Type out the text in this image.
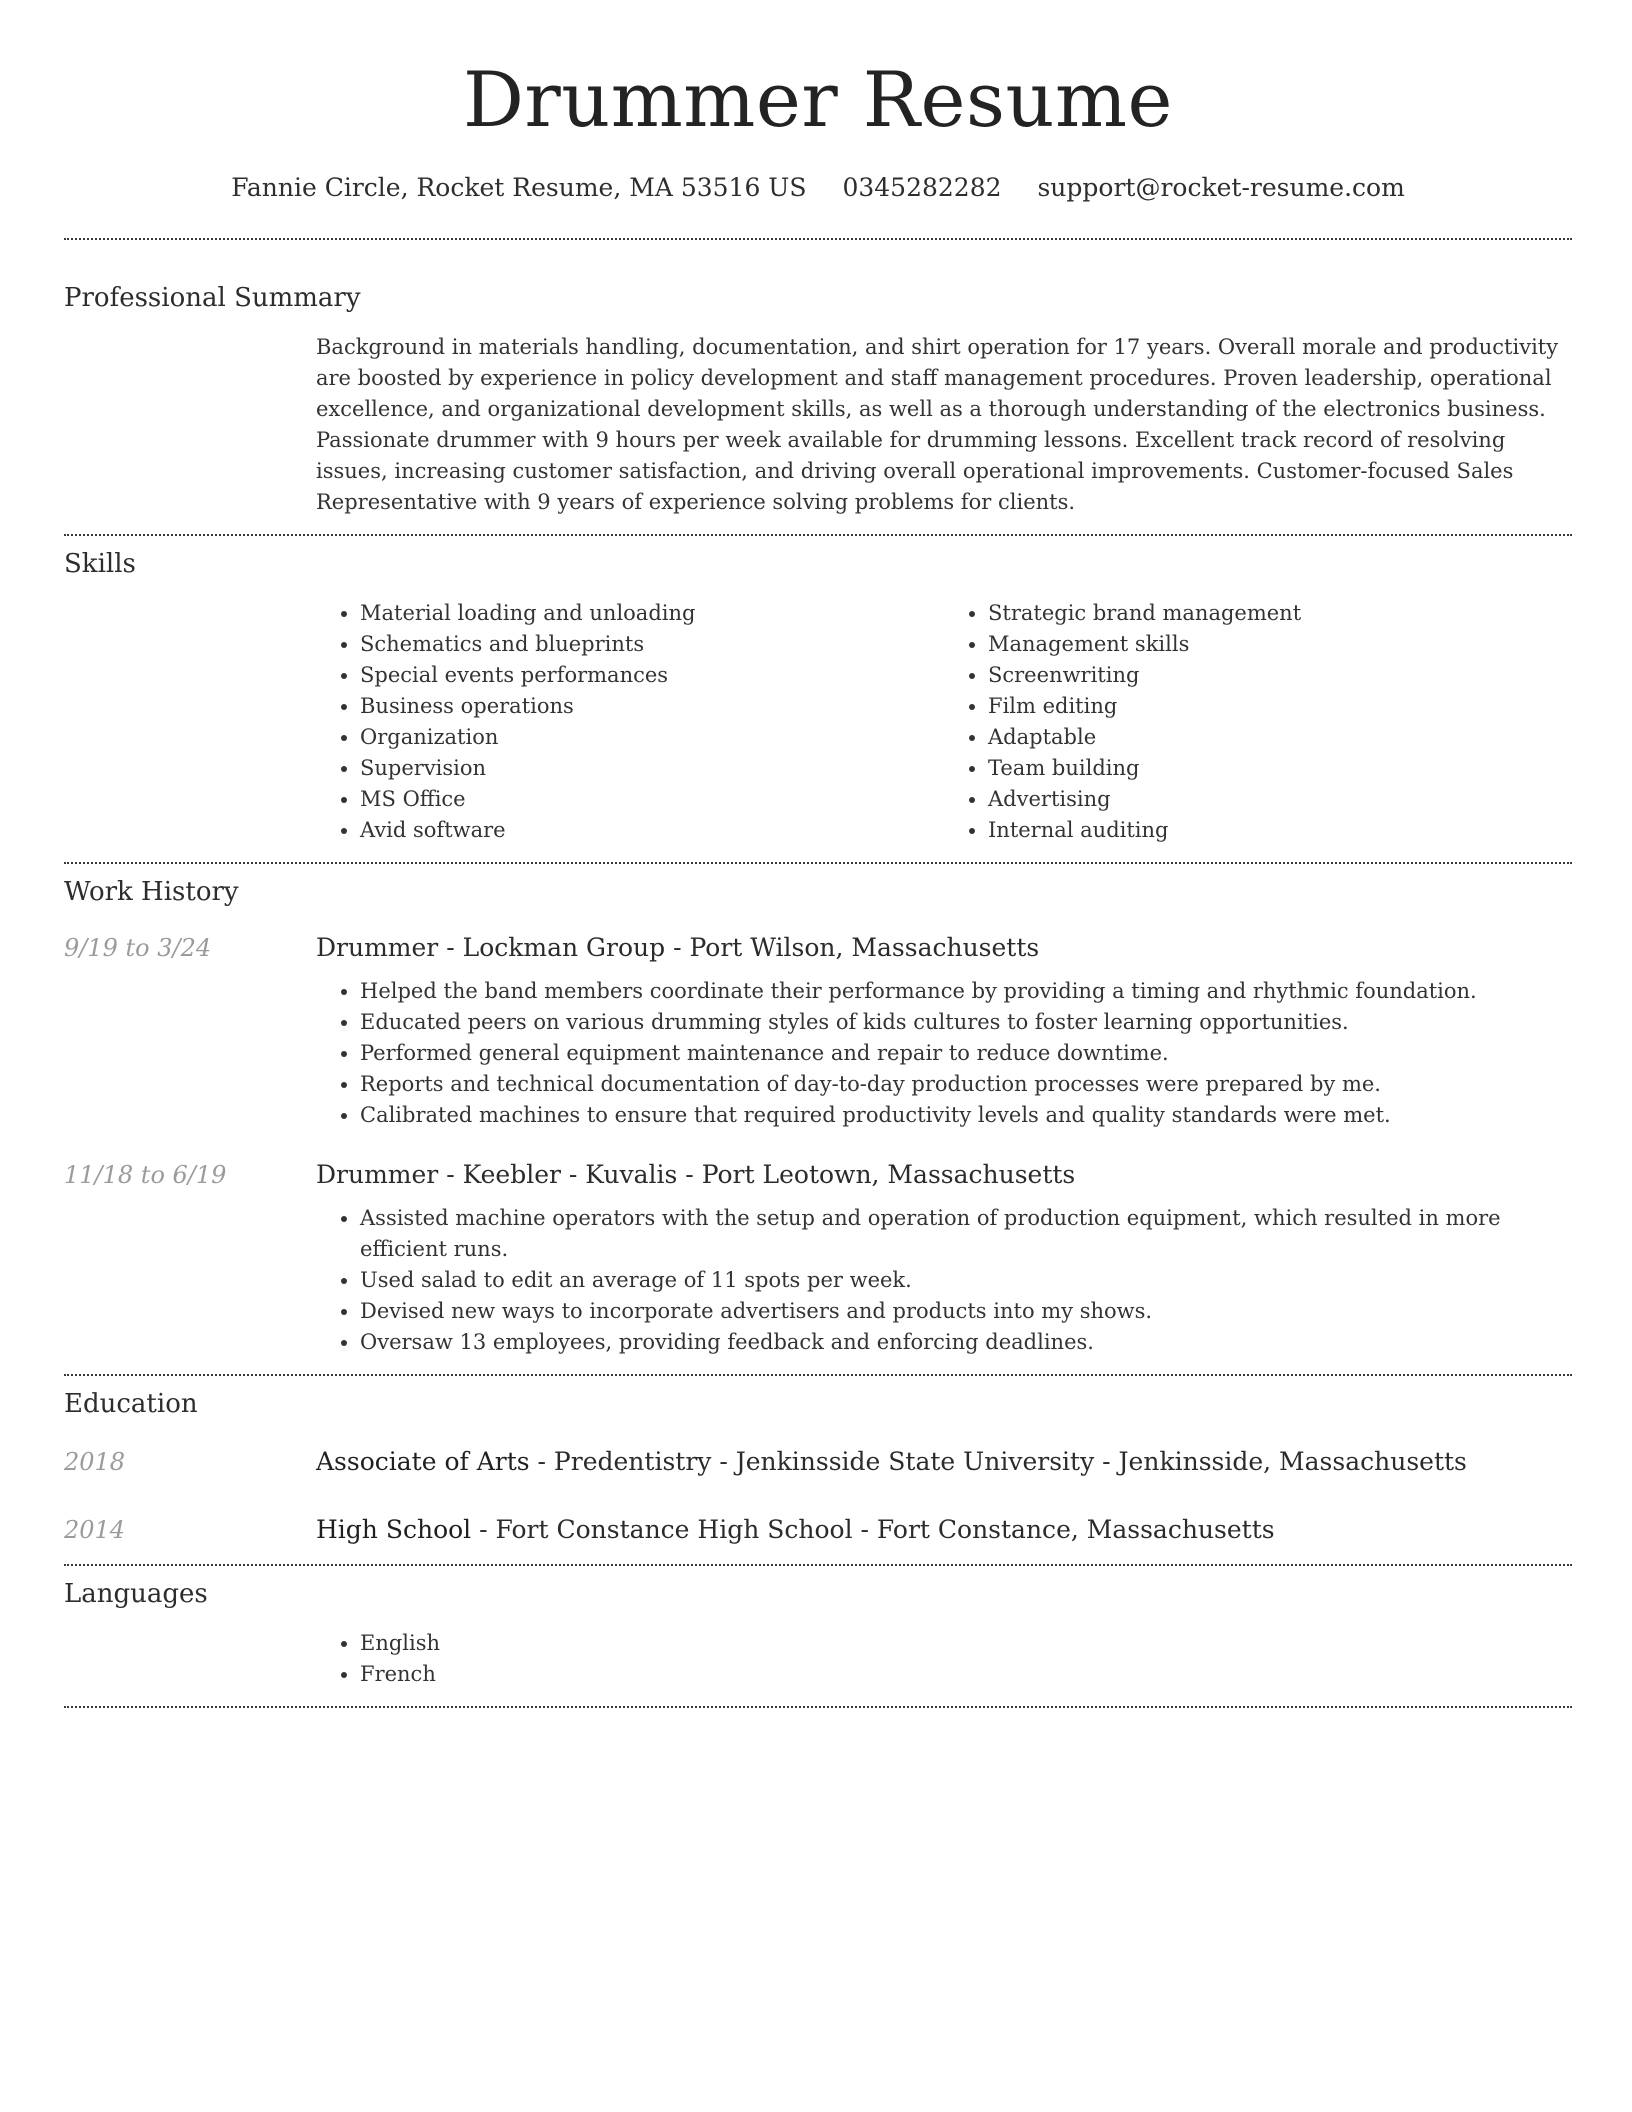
Drummer Resume
Fannie Circle, Rocket Resume, MA 53516 US 0345282282 support@rocket-resume.com
Professional Summary

Background in materials handling, documentation, and shirt operation for 17 years. Overall morale and productivity are boosted by experience in policy development and staff management procedures. Proven leadership, operational excellence, and organizational development skills, as well as a thorough understanding of the electronics business. Passionate drummer with 9 hours per week available for drumming lessons. Excellent track record of resolving issues, increasing customer satisfaction, and driving overall operational improvements. Customer-focused Sales Representative with 9 years of experience solving problems for clients.

Skills
• Material loading and unloading
• Schematics and blueprints
• Special events performances
• Business operations
• Organization
• Supervision
• MS Office
• Avid software
• Strategic brand management
• Management skills
• Screenwriting
• Film editing
• Adaptable
• Team building
• Advertising
• Internal auditing
Work History
9/19 to 3/24	Drummer - Lockman Group - Port Wilson, Massachusetts
• Helped the band members coordinate their performance by providing a timing and rhythmic foundation.
• Educated peers on various drumming styles of kids cultures to foster learning opportunities.
• Performed general equipment maintenance and repair to reduce downtime.
• Reports and technical documentation of day-to-day production processes were prepared by me.
• Calibrated machines to ensure that required productivity levels and quality standards were met.
11/18 to 6/19	Drummer - Keebler - Kuvalis - Port Leotown, Massachusetts
• Assisted machine operators with the setup and operation of production equipment, which resulted in more efficient runs.
• Used salad to edit an average of 11 spots per week.
• Devised new ways to incorporate advertisers and products into my shows.
• Oversaw 13 employees, providing feedback and enforcing deadlines.
Education
2018	Associate of Arts - Predentistry - Jenkinsside State University - Jenkinsside, Massachusetts
2014	High School - Fort Constance High School - Fort Constance, Massachusetts
Languages
• English
• French
